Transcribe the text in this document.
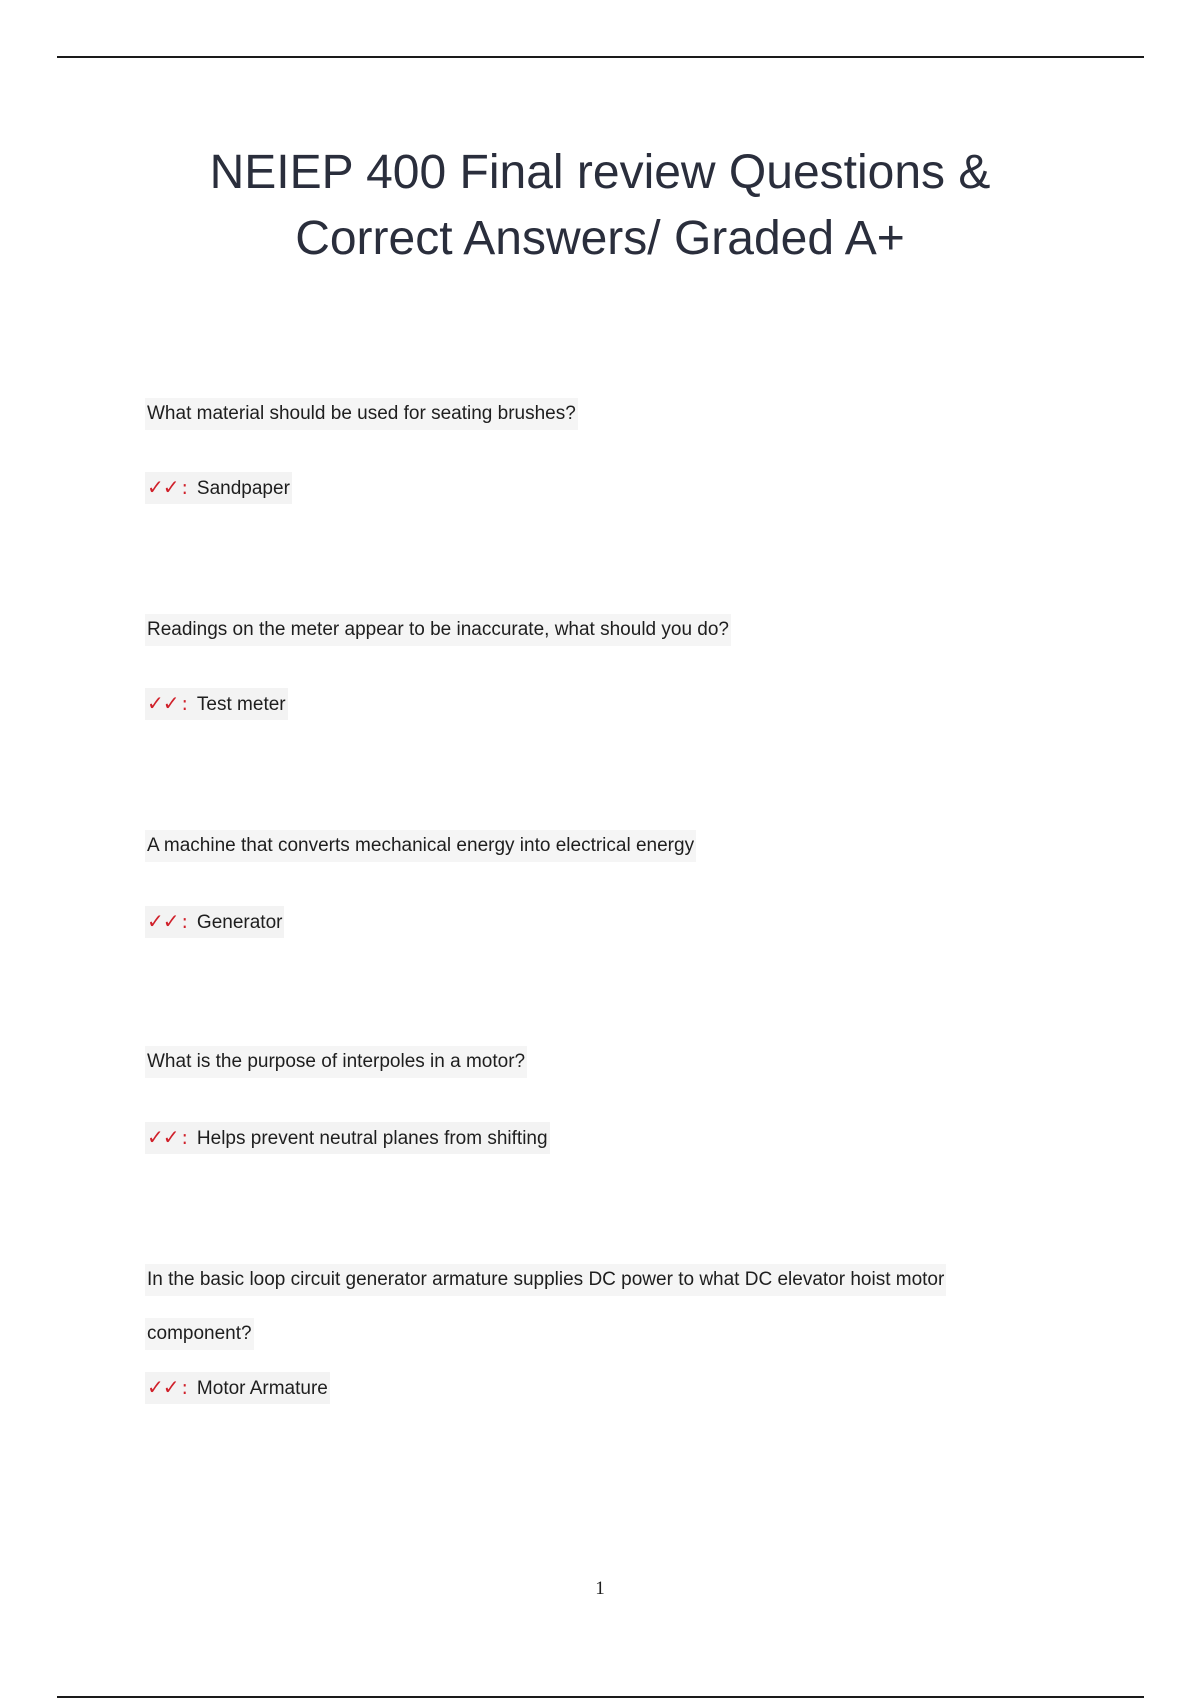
NEIEP 400 Final review Questions &
Correct Answers/ Graded A+

What material should be used for seating brushes?

✓✓ : Sandpaper

Readings on the meter appear to be inaccurate, what should you do?

✓✓ : Test meter

A machine that converts mechanical energy into electrical energy

✓✓ : Generator

What is the purpose of interpoles in a motor?

✓✓ : Helps prevent neutral planes from shifting

In the basic loop circuit generator armature supplies DC power to what DC elevator hoist motor
component?

✓✓ : Motor Armature
1
